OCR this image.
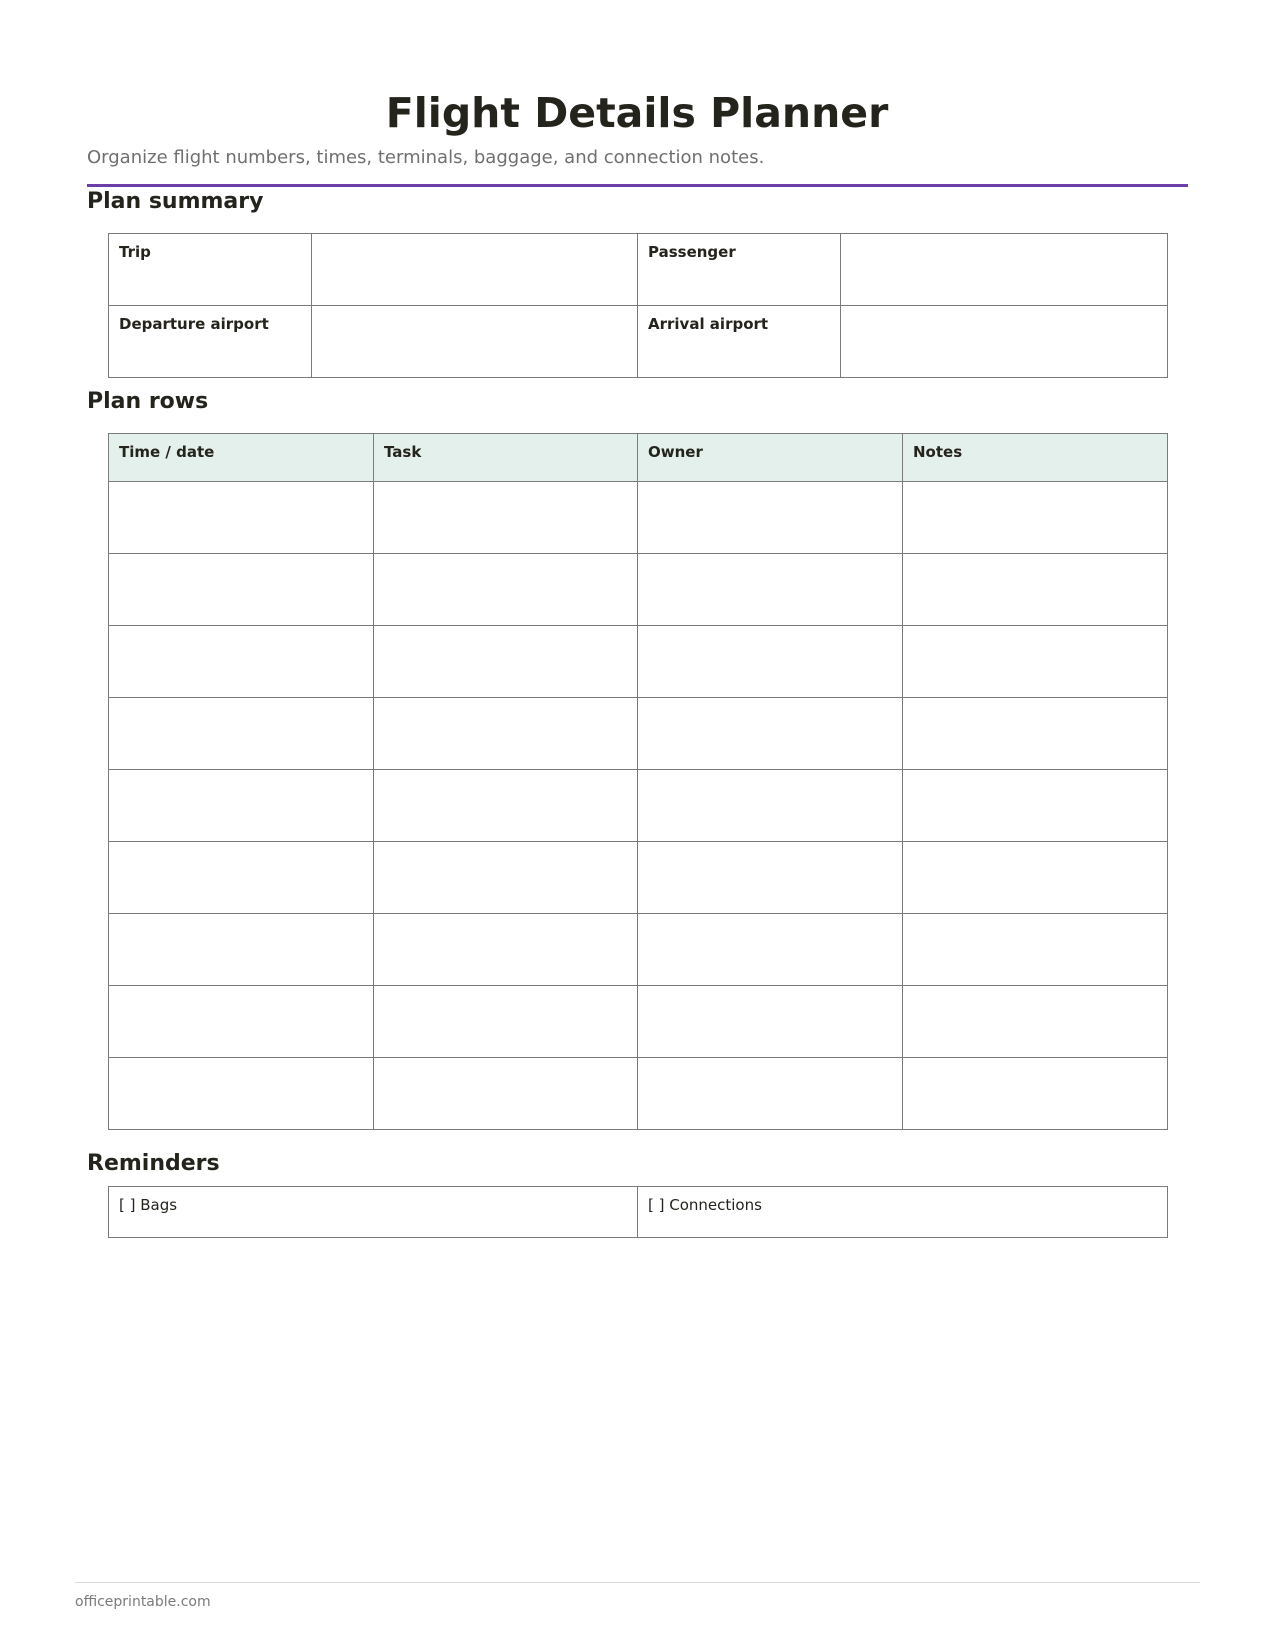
Flight Details Planner

Organize flight numbers, times, terminals, baggage, and connection notes.

Plan summary
Trip		Passenger	
Departure airport		Arrival airport	
Plan rows
Time / date	Task	Owner	Notes

Reminders
[ ] Bags	[ ] Connections
officeprintable.com
